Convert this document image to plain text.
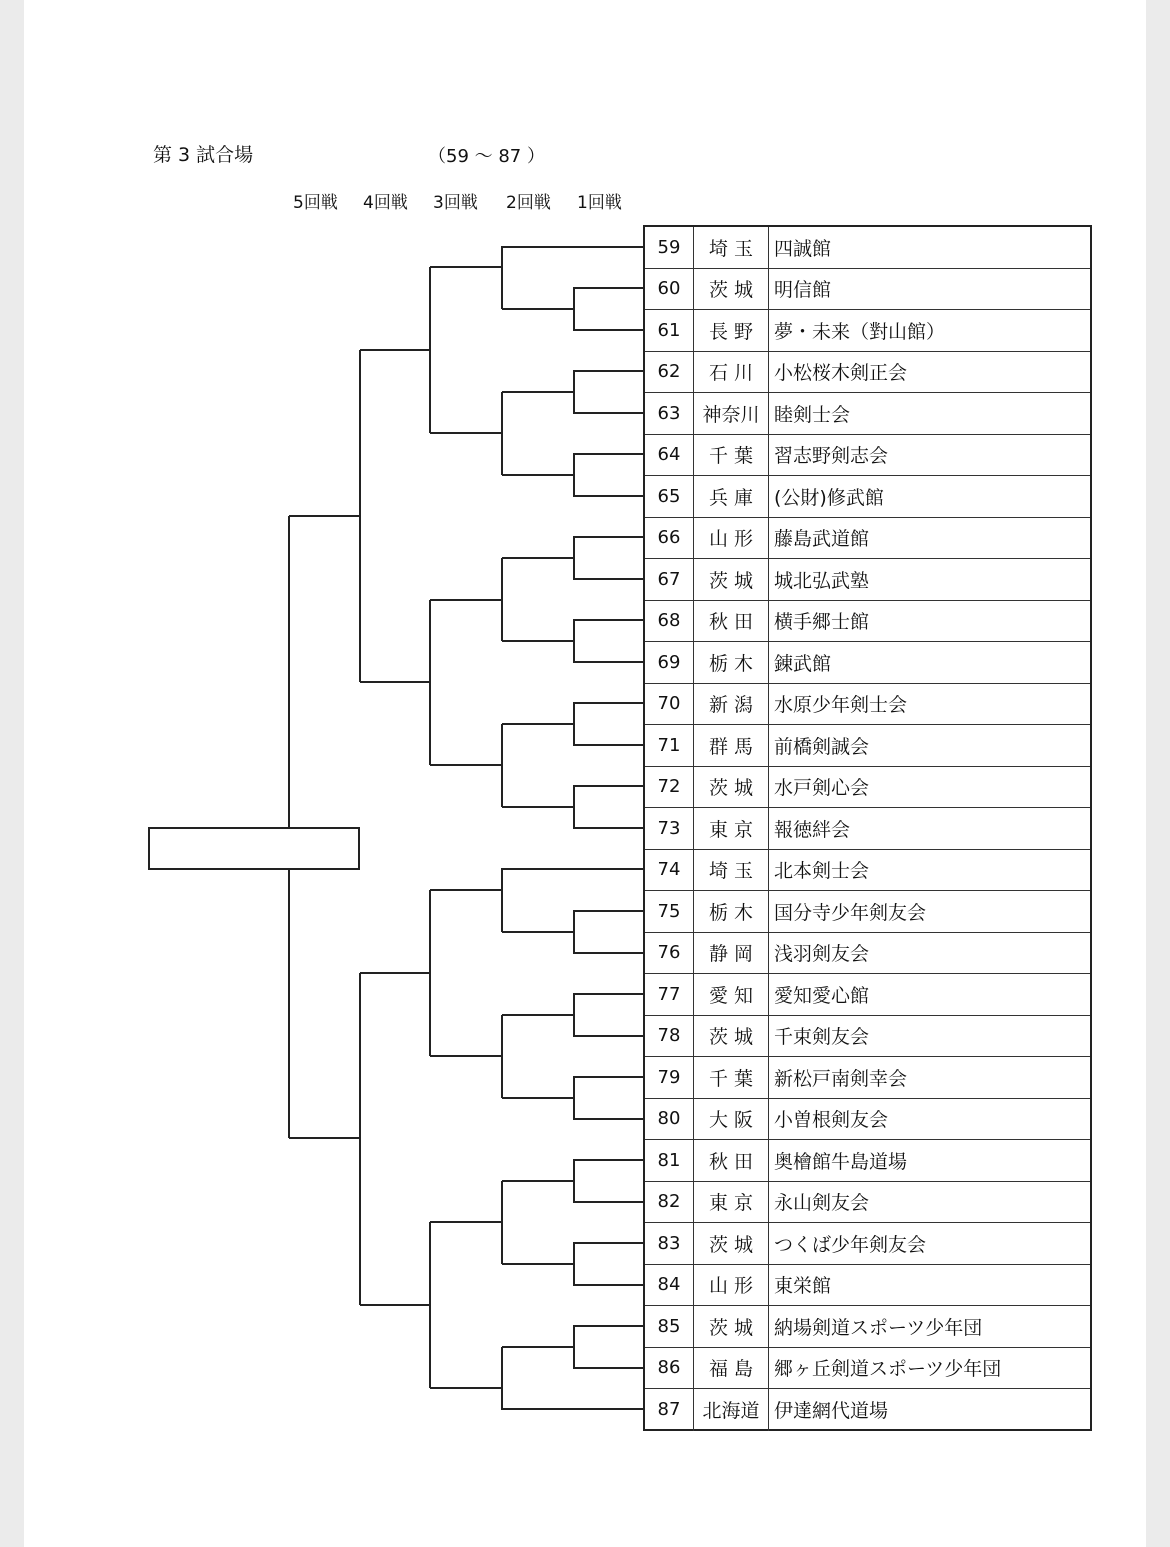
第 3 試合場	（59 〜 87 ）
5回戦 4回戦 3回戦 2回戦 1回戦
59	埼 玉	四誠館
60	茨 城	明信館
61	長 野	夢・未来（對山館）
62	石 川	小松桜木剣正会
63	神奈川 睦剣士会
64	千 葉	習志野剣志会
65	兵 庫	(公財)修武館
66	山 形	藤島武道館
67	茨 城	城北弘武塾
68	秋 田	横手郷士館
69	栃 木	錬武館
70	新 潟	水原少年剣士会
71	群 馬	前橋剣誠会
72	茨 城	水戸剣心会
73	東 京	報徳絆会
74	埼 玉	北本剣士会
75	栃 木	国分寺少年剣友会
76	静 岡	浅羽剣友会
77	愛 知	愛知愛心館
78	茨 城	千束剣友会
79	千 葉	新松戸南剣幸会
80	大 阪	小曽根剣友会
81	秋 田	奥檜館牛島道場
82	東 京	永山剣友会
83	茨 城	つくば少年剣友会
84	山 形	東栄館
85	茨 城	納場剣道スポーツ少年団
86	福 島	郷ヶ丘剣道スポーツ少年団
87	北海道 伊達網代道場
